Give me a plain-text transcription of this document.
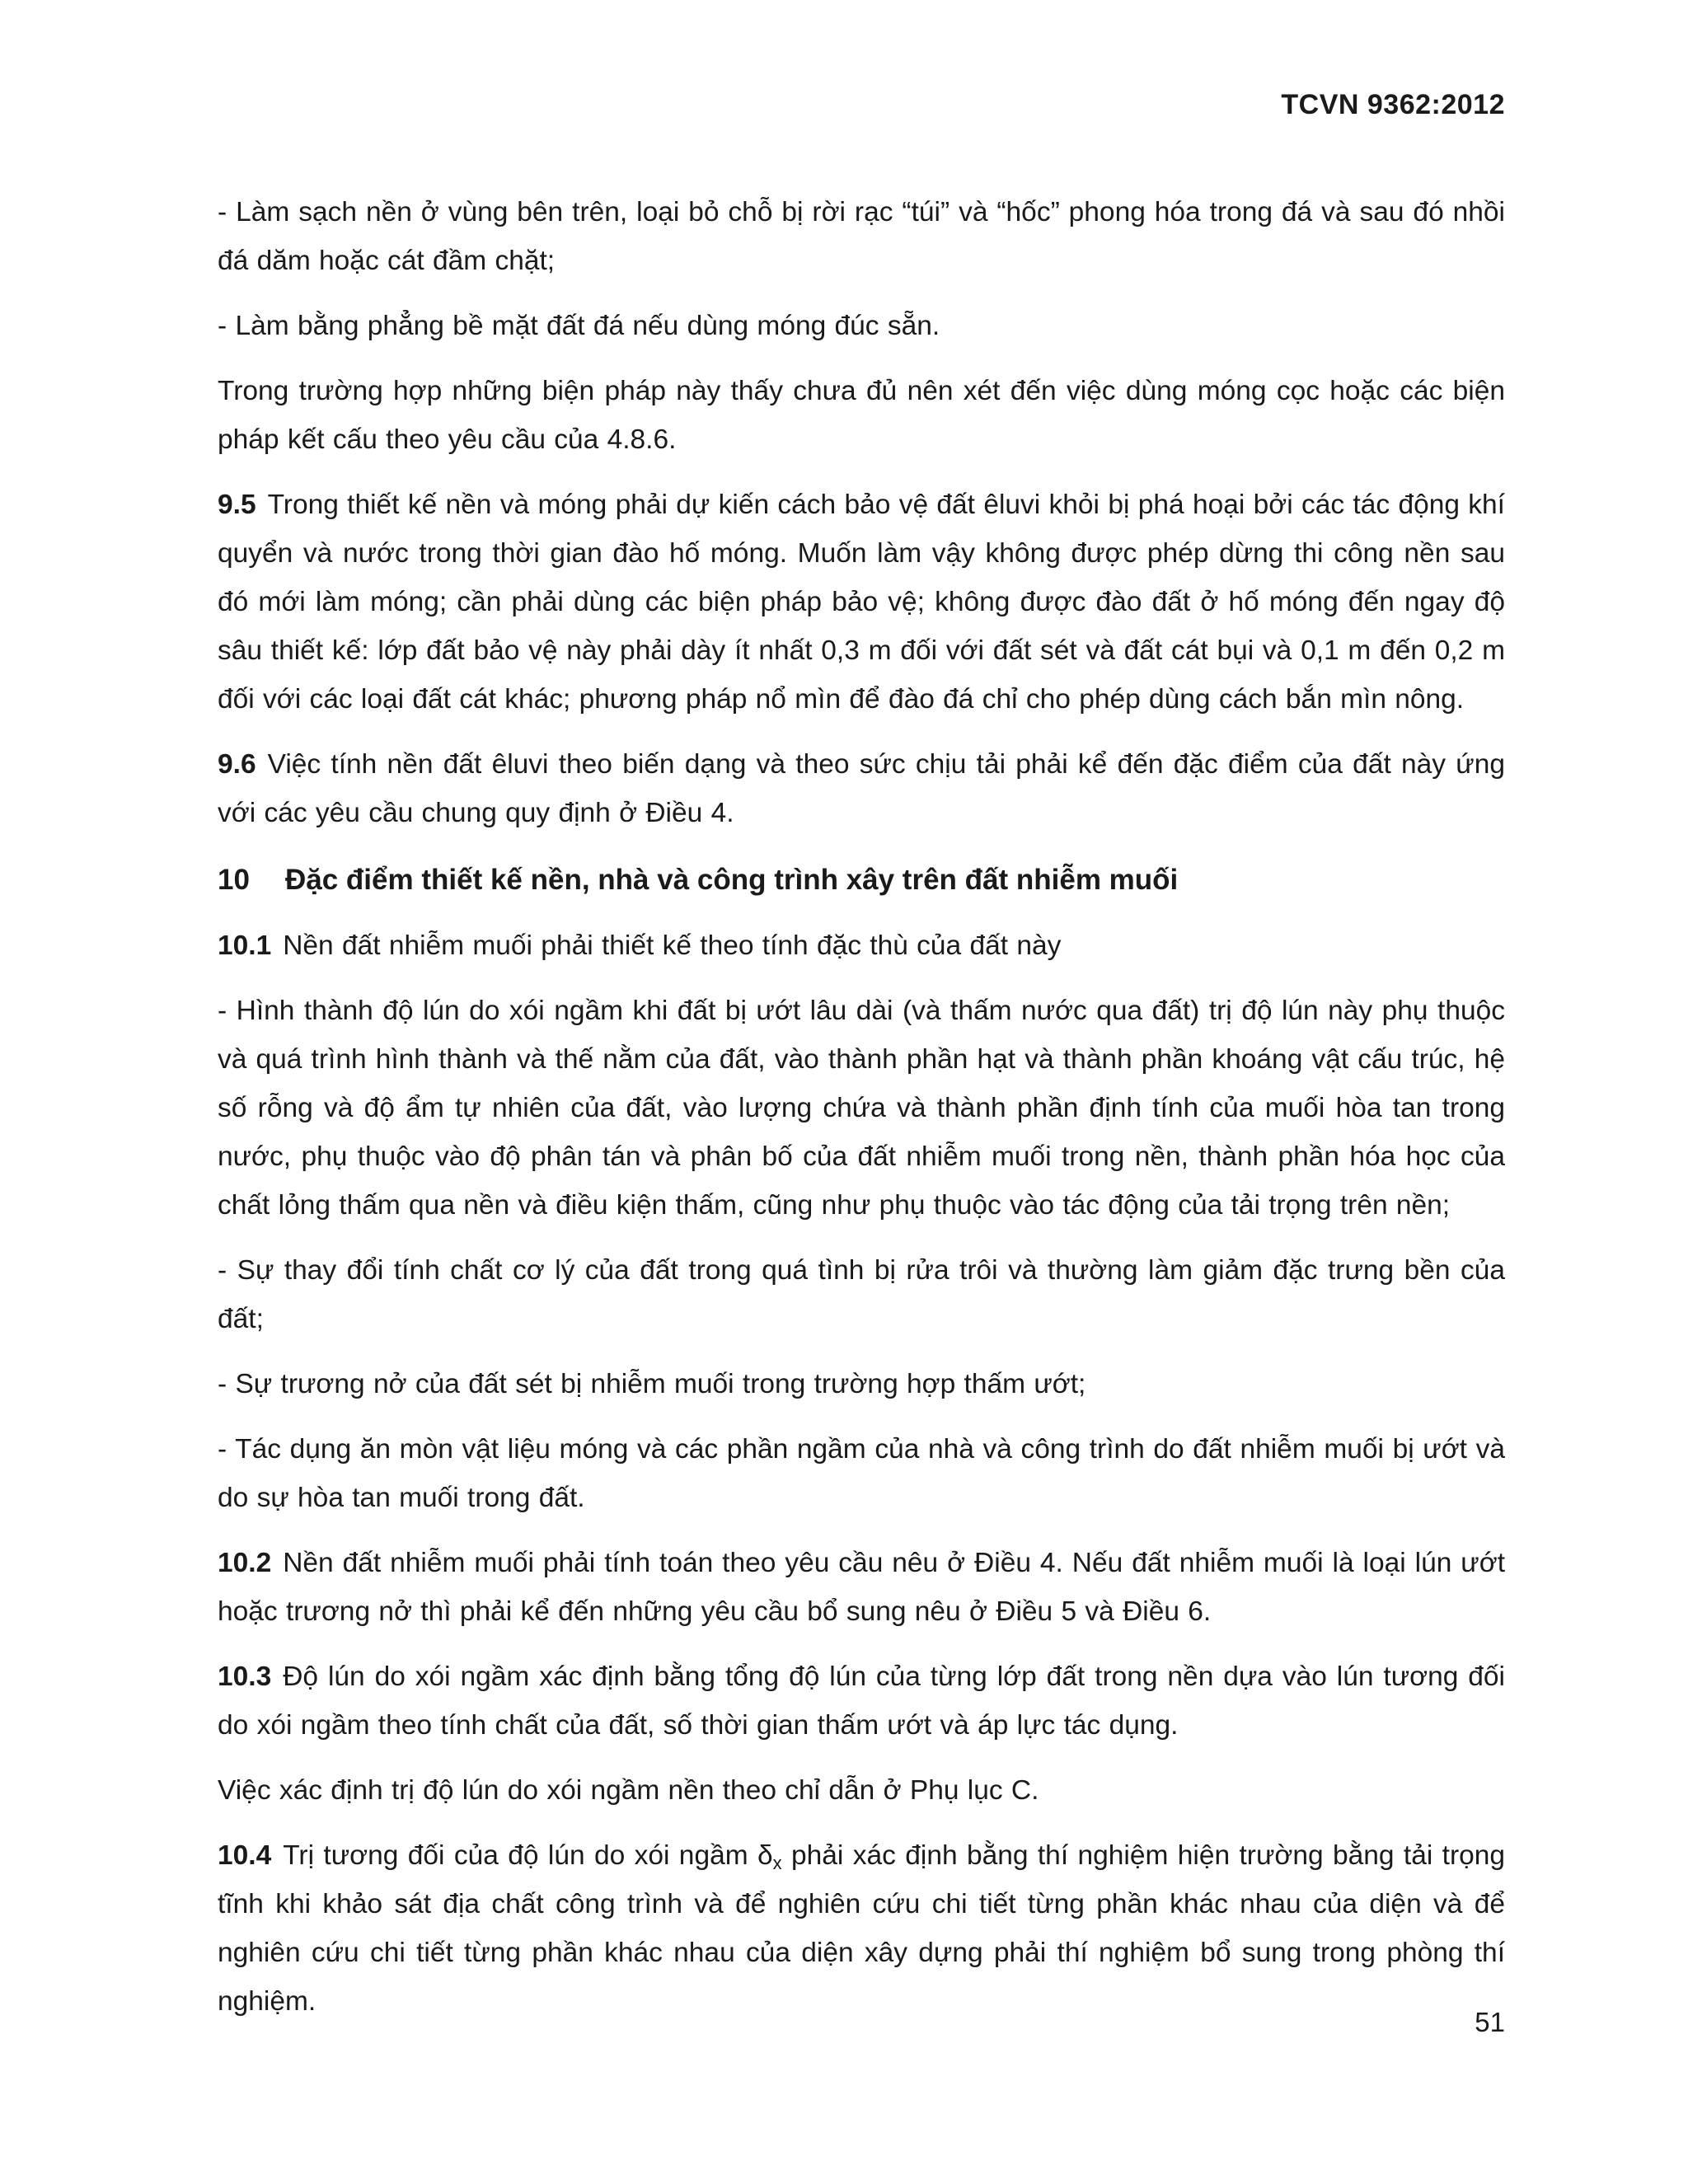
TCVN 9362:2012

- Làm sạch nền ở vùng bên trên, loại bỏ chỗ bị rời rạc “túi” và “hốc” phong hóa trong đá và sau đó nhồi đá dăm hoặc cát đầm chặt;

- Làm bằng phẳng bề mặt đất đá nếu dùng móng đúc sẵn.

Trong trường hợp những biện pháp này thấy chưa đủ nên xét đến việc dùng móng cọc hoặc các biện pháp kết cấu theo yêu cầu của 4.8.6.

9.5 Trong thiết kế nền và móng phải dự kiến cách bảo vệ đất êluvi khỏi bị phá hoại bởi các tác động khí quyển và nước trong thời gian đào hố móng. Muốn làm vậy không được phép dừng thi công nền sau đó mới làm móng; cần phải dùng các biện pháp bảo vệ; không được đào đất ở hố móng đến ngay độ sâu thiết kế: lớp đất bảo vệ này phải dày ít nhất 0,3 m đối với đất sét và đất cát bụi và 0,1 m đến 0,2 m đối với các loại đất cát khác; phương pháp nổ mìn để đào đá chỉ cho phép dùng cách bắn mìn nông.

9.6 Việc tính nền đất êluvi theo biến dạng và theo sức chịu tải phải kể đến đặc điểm của đất này ứng với các yêu cầu chung quy định ở Điều 4.

10 Đặc điểm thiết kế nền, nhà và công trình xây trên đất nhiễm muối

10.1 Nền đất nhiễm muối phải thiết kế theo tính đặc thù của đất này

- Hình thành độ lún do xói ngầm khi đất bị ướt lâu dài (và thấm nước qua đất) trị độ lún này phụ thuộc và quá trình hình thành và thế nằm của đất, vào thành phần hạt và thành phần khoáng vật cấu trúc, hệ số rỗng và độ ẩm tự nhiên của đất, vào lượng chứa và thành phần định tính của muối hòa tan trong nước, phụ thuộc vào độ phân tán và phân bố của đất nhiễm muối trong nền, thành phần hóa học của chất lỏng thấm qua nền và điều kiện thấm, cũng như phụ thuộc vào tác động của tải trọng trên nền;

- Sự thay đổi tính chất cơ lý của đất trong quá tình bị rửa trôi và thường làm giảm đặc trưng bền của đất;

- Sự trương nở của đất sét bị nhiễm muối trong trường hợp thấm ướt;

- Tác dụng ăn mòn vật liệu móng và các phần ngầm của nhà và công trình do đất nhiễm muối bị ướt và do sự hòa tan muối trong đất.

10.2 Nền đất nhiễm muối phải tính toán theo yêu cầu nêu ở Điều 4. Nếu đất nhiễm muối là loại lún ướt hoặc trương nở thì phải kể đến những yêu cầu bổ sung nêu ở Điều 5 và Điều 6.

10.3 Độ lún do xói ngầm xác định bằng tổng độ lún của từng lớp đất trong nền dựa vào lún tương đối do xói ngầm theo tính chất của đất, số thời gian thấm ướt và áp lực tác dụng.

Việc xác định trị độ lún do xói ngầm nền theo chỉ dẫn ở Phụ lục C.

10.4 Trị tương đối của độ lún do xói ngầm $\delta_x$ phải xác định bằng thí nghiệm hiện trường bằng tải trọng tĩnh khi khảo sát địa chất công trình và để nghiên cứu chi tiết từng phần khác nhau của diện và để nghiên cứu chi tiết từng phần khác nhau của diện xây dựng phải thí nghiệm bổ sung trong phòng thí nghiệm.

51
